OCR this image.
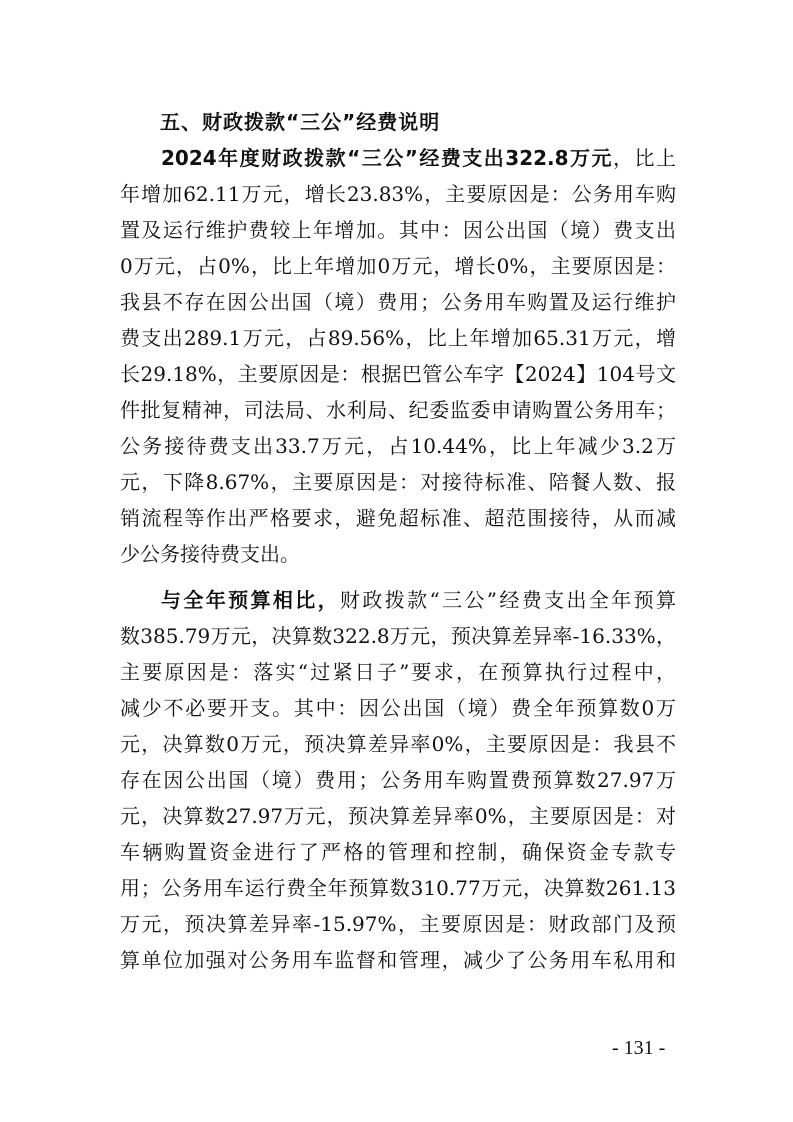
五、财政拨款“三公”经费说明
2024年度财政拨款“三公”经费支出322.8万元，比上
年增加62.11万元，增长23.83%，主要原因是：公务用车购
置及运行维护费较上年增加。其中：因公出国（境）费支出
0万元，占0%，比上年增加0万元，增长0%，主要原因是：
我县不存在因公出国（境）费用；公务用车购置及运行维护
费支出289.1万元，占89.56%，比上年增加65.31万元，增
长29.18%，主要原因是：根据巴管公车字【2024】104号文
件批复精神，司法局、水利局、纪委监委申请购置公务用车；
公务接待费支出33.7万元，占10.44%，比上年减少3.2万
元，下降8.67%，主要原因是：对接待标准、陪餐人数、报
销流程等作出严格要求，避免超标准、超范围接待，从而减
少公务接待费支出。
与全年预算相比，财政拨款“三公”经费支出全年预算
数385.79万元，决算数322.8万元，预决算差异率-16.33%，
主要原因是：落实“过紧日子”要求，在预算执行过程中，
减少不必要开支。其中：因公出国（境）费全年预算数0万
元，决算数0万元，预决算差异率0%，主要原因是：我县不
存在因公出国（境）费用；公务用车购置费预算数27.97万
元，决算数27.97万元，预决算差异率0%，主要原因是：对
车辆购置资金进行了严格的管理和控制，确保资金专款专
用；公务用车运行费全年预算数310.77万元，决算数261.13
万元，预决算差异率-15.97%，主要原因是：财政部门及预
算单位加强对公务用车监督和管理，减少了公务用车私用和
- 131 -
